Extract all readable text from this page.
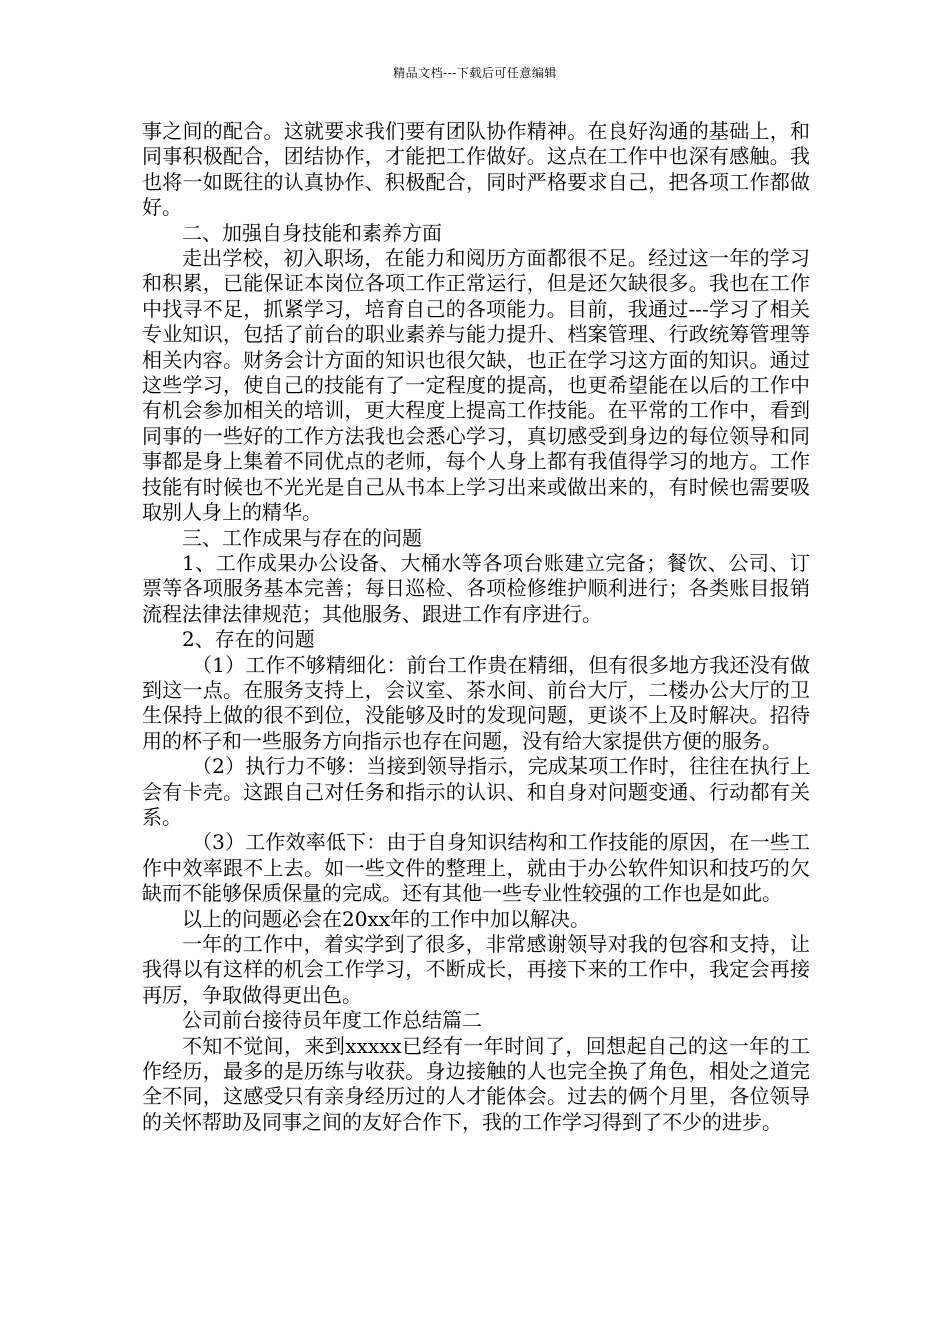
精品文档---下载后可任意编辑

事之间的配合。这就要求我们要有团队协作精神。在良好沟通的基础上，和同事积极配合，团结协作，才能把工作做好。这点在工作中也深有感触。我也将一如既往的认真协作、积极配合，同时严格要求自己，把各项工作都做好。

二、加强自身技能和素养方面

走出学校，初入职场，在能力和阅历方面都很不足。经过这一年的学习和积累，已能保证本岗位各项工作正常运行，但是还欠缺很多。我也在工作中找寻不足，抓紧学习，培育自己的各项能力。目前，我通过---学习了相关专业知识，包括了前台的职业素养与能力提升、档案管理、行政统筹管理等相关内容。财务会计方面的知识也很欠缺，也正在学习这方面的知识。通过这些学习，使自己的技能有了一定程度的提高，也更希望能在以后的工作中有机会参加相关的培训，更大程度上提高工作技能。在平常的工作中，看到同事的一些好的工作方法我也会悉心学习，真切感受到身边的每位领导和同事都是身上集着不同优点的老师，每个人身上都有我值得学习的地方。工作技能有时候也不光光是自己从书本上学习出来或做出来的，有时候也需要吸取别人身上的精华。

三、工作成果与存在的问题

1、工作成果办公设备、大桶水等各项台账建立完备；餐饮、公司、订票等各项服务基本完善；每日巡检、各项检修维护顺利进行；各类账目报销流程法律法律规范；其他服务、跟进工作有序进行。

2、存在的问题

（1）工作不够精细化：前台工作贵在精细，但有很多地方我还没有做到这一点。在服务支持上，会议室、茶水间、前台大厅，二楼办公大厅的卫生保持上做的很不到位，没能够及时的发现问题，更谈不上及时解决。招待用的杯子和一些服务方向指示也存在问题，没有给大家提供方便的服务。

（2）执行力不够：当接到领导指示，完成某项工作时，往往在执行上会有卡壳。这跟自己对任务和指示的认识、和自身对问题变通、行动都有关系。

（3）工作效率低下：由于自身知识结构和工作技能的原因，在一些工作中效率跟不上去。如一些文件的整理上，就由于办公软件知识和技巧的欠缺而不能够保质保量的完成。还有其他一些专业性较强的工作也是如此。

以上的问题必会在20xx年的工作中加以解决。

一年的工作中，着实学到了很多，非常感谢领导对我的包容和支持，让我得以有这样的机会工作学习，不断成长，再接下来的工作中，我定会再接再厉，争取做得更出色。

公司前台接待员年度工作总结篇二

不知不觉间，来到xxxxx已经有一年时间了，回想起自己的这一年的工作经历，最多的是历练与收获。身边接触的人也完全换了角色，相处之道完全不同，这感受只有亲身经历过的人才能体会。过去的俩个月里，各位领导的关怀帮助及同事之间的友好合作下，我的工作学习得到了不少的进步。
